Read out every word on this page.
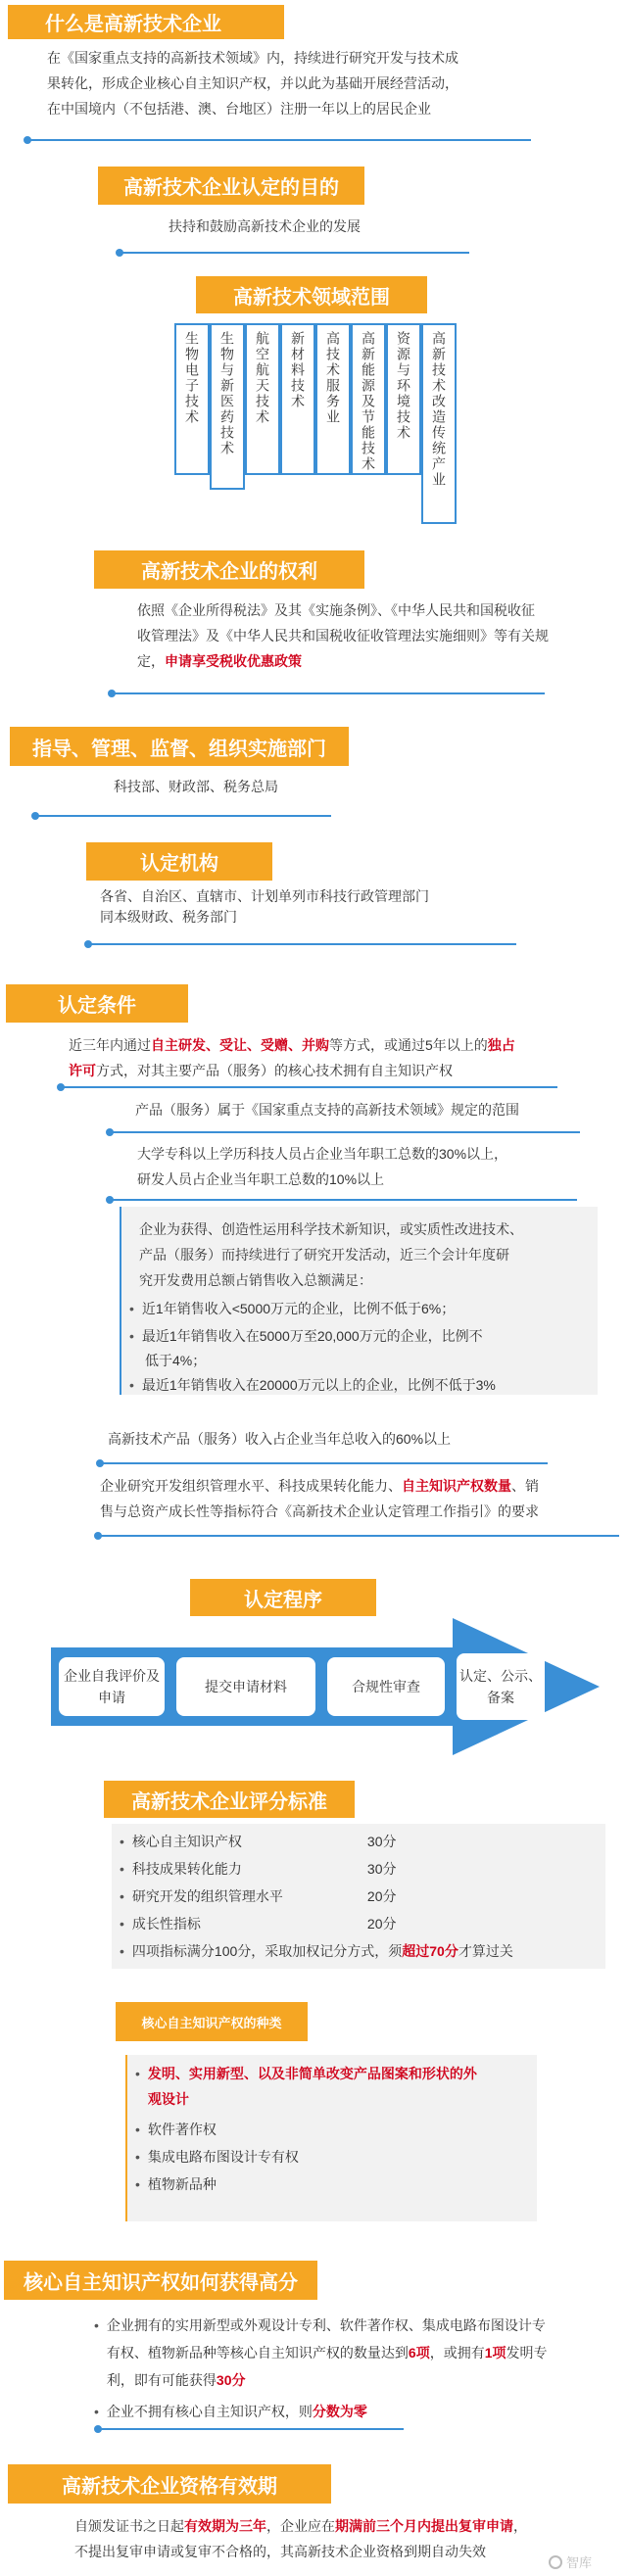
什么是高新技术企业
在《国家重点支持的高新技术领域》内，持续进行研究开发与技术成
果转化，形成企业核心自主知识产权，并以此为基础开展经营活动，
在中国境内（不包括港、澳、台地区）注册一年以上的居民企业
高新技术企业认定的目的
扶持和鼓励高新技术企业的发展
高新技术领域范围
生物电子技术 生物与新医药技术 航空航天技术 新材料技术 高技术服务业 高新能源及节能技术 资源与环境技术 高新技术改造传统产业
高新技术企业的权利
依照《企业所得税法》及其《实施条例》、《中华人民共和国税收征
收管理法》及《中华人民共和国税收征收管理法实施细则》等有关规
定，申请享受税收优惠政策
指导、管理、监督、组织实施部门
科技部、财政部、税务总局
认定机构
各省、自治区、直辖市、计划单列市科技行政管理部门
同本级财政、税务部门
认定条件
近三年内通过自主研发、受让、受赠、并购等方式，或通过5年以上的独占
许可方式，对其主要产品（服务）的核心技术拥有自主知识产权
产品（服务）属于《国家重点支持的高新技术领域》规定的范围
大学专科以上学历科技人员占企业当年职工总数的30%以上，
研发人员占企业当年职工总数的10%以上
企业为获得、创造性运用科学技术新知识，或实质性改进技术、
产品（服务）而持续进行了研究开发活动，近三个会计年度研
究开发费用总额占销售收入总额满足：
• 近1年销售收入<5000万元的企业，比例不低于6%；
• 最近1年销售收入在5000万至20,000万元的企业，比例不
低于4%；
• 最近1年销售收入在20000万元以上的企业，比例不低于3%
高新技术产品（服务）收入占企业当年总收入的60%以上
企业研究开发组织管理水平、科技成果转化能力、自主知识产权数量、销
售与总资产成长性等指标符合《高新技术企业认定管理工作指引》的要求
认定程序
企业自我评价及申请
提交申请材料	合规性审查
认定、公示、备案
高新技术企业评分标准
• 核心自主知识产权	30分
• 科技成果转化能力	30分
• 研究开发的组织管理水平	20分
• 成长性指标	20分
• 四项指标满分100分，采取加权记分方式，须超过70分才算过关
核心自主知识产权的种类
• 发明、实用新型、以及非简单改变产品图案和形状的外
观设计
• 软件著作权
• 集成电路布图设计专有权
• 植物新品种
核心自主知识产权如何获得高分
• 企业拥有的实用新型或外观设计专利、软件著作权、集成电路布图设计专
有权、植物新品种等核心自主知识产权的数量达到6项，或拥有1项发明专
利，即有可能获得30分
• 企业不拥有核心自主知识产权，则分数为零
高新技术企业资格有效期
自颁发证书之日起有效期为三年，企业应在期满前三个月内提出复审申请，
不提出复审申请或复审不合格的，其高新技术企业资格到期自动失效
智库
